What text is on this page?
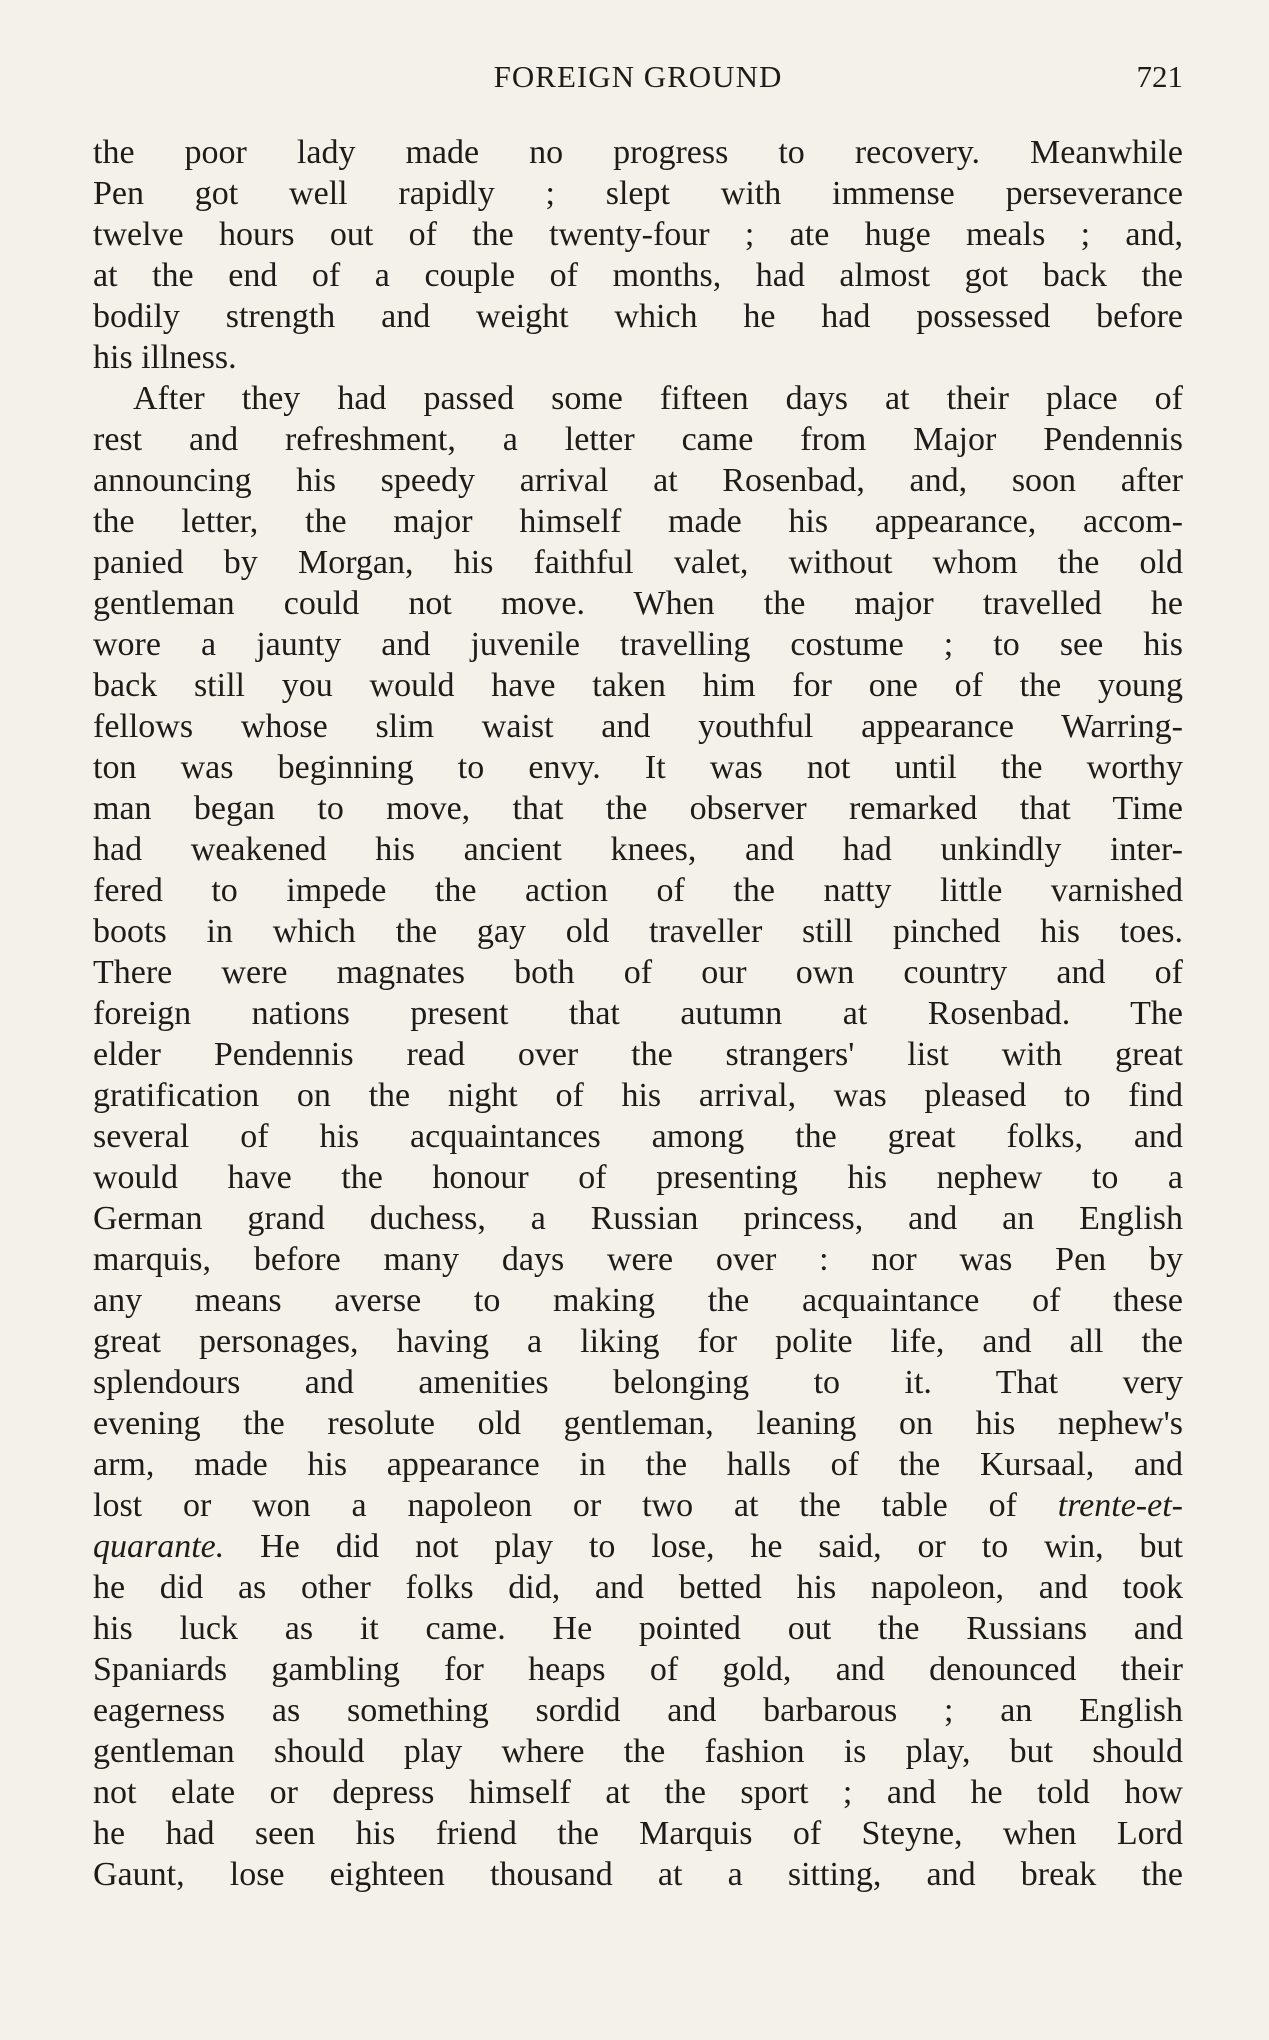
FOREIGN GROUND	721
the poor lady made no progress to recovery. Meanwhile
Pen got well rapidly ; slept with immense perseverance
twelve hours out of the twenty-four ; ate huge meals ; and,
at the end of a couple of months, had almost got back the
bodily strength and weight which he had possessed before
his illness.
After they had passed some fifteen days at their place of
rest and refreshment, a letter came from Major Pendennis
announcing his speedy arrival at Rosenbad, and, soon after
the letter, the major himself made his appearance, accom-
panied by Morgan, his faithful valet, without whom the old
gentleman could not move. When the major travelled he
wore a jaunty and juvenile travelling costume ; to see his
back still you would have taken him for one of the young
fellows whose slim waist and youthful appearance Warring-
ton was beginning to envy. It was not until the worthy
man began to move, that the observer remarked that Time
had weakened his ancient knees, and had unkindly inter-
fered to impede the action of the natty little varnished
boots in which the gay old traveller still pinched his toes.
There were magnates both of our own country and of
foreign nations present that autumn at Rosenbad. The
elder Pendennis read over the strangers' list with great
gratification on the night of his arrival, was pleased to find
several of his acquaintances among the great folks, and
would have the honour of presenting his nephew to a
German grand duchess, a Russian princess, and an English
marquis, before many days were over : nor was Pen by
any means averse to making the acquaintance of these
great personages, having a liking for polite life, and all the
splendours and amenities belonging to it. That very
evening the resolute old gentleman, leaning on his nephew's
arm, made his appearance in the halls of the Kursaal, and
lost or won a napoleon or two at the table of trente-et-
quarante. He did not play to lose, he said, or to win, but
he did as other folks did, and betted his napoleon, and took
his luck as it came. He pointed out the Russians and
Spaniards gambling for heaps of gold, and denounced their
eagerness as something sordid and barbarous ; an English
gentleman should play where the fashion is play, but should
not elate or depress himself at the sport ; and he told how
he had seen his friend the Marquis of Steyne, when Lord
Gaunt, lose eighteen thousand at a sitting, and break the
